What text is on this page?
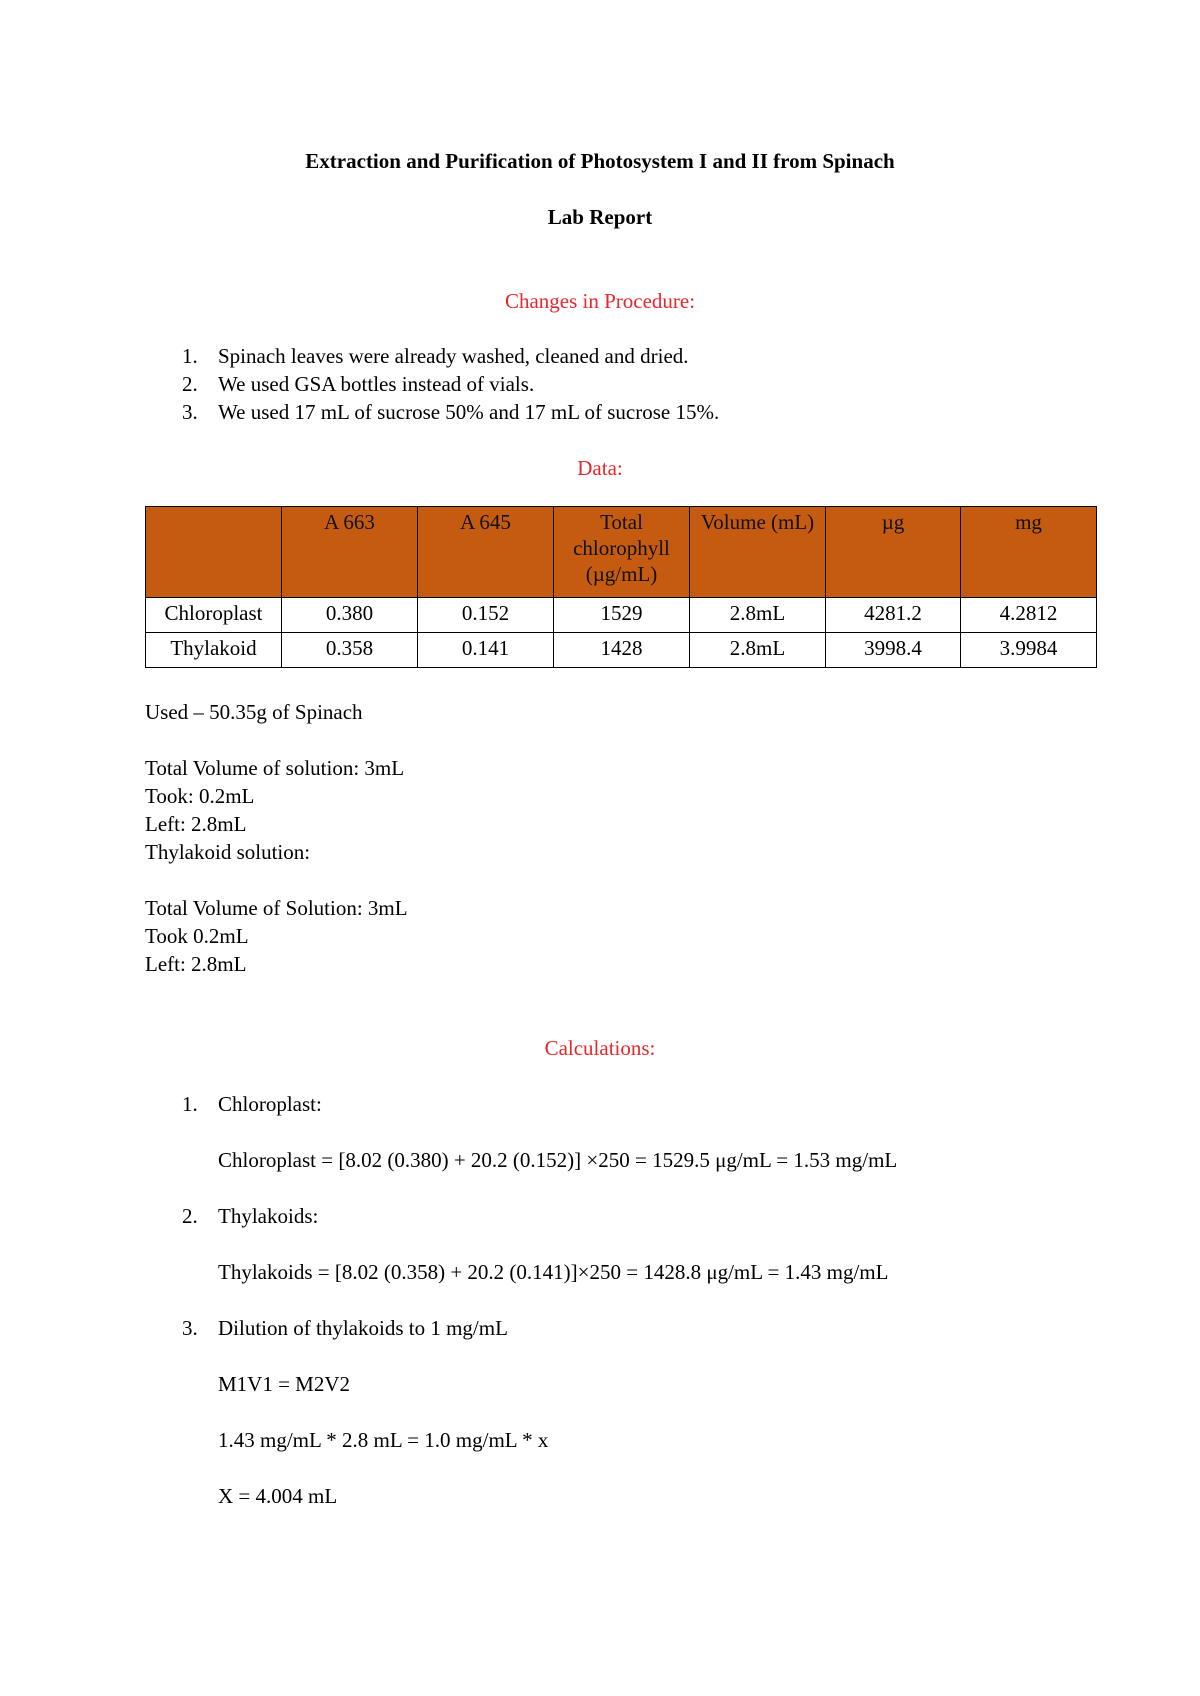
Extraction and Purification of Photosystem I and II from Spinach
Lab Report
Changes in Procedure:
1. Spinach leaves were already washed, cleaned and dried.
2. We used GSA bottles instead of vials.
3. We used 17 mL of sucrose 50% and 17 mL of sucrose 15%.
Data:
	A 663	A 645	Total chlorophyll (µg/mL)	Volume (mL)	µg	mg
Chloroplast	0.380	0.152	1529	2.8mL	4281.2	4.2812
Thylakoid	0.358	0.141	1428	2.8mL	3998.4	3.9984
Used – 50.35g of Spinach
Total Volume of solution: 3mL
Took: 0.2mL
Left: 2.8mL
Thylakoid solution:
Total Volume of Solution: 3mL
Took 0.2mL
Left: 2.8mL
Calculations:
1. Chloroplast:
Chloroplast = [8.02 (0.380) + 20.2 (0.152)] ×250 = 1529.5 μg/mL = 1.53 mg/mL
2. Thylakoids:
Thylakoids = [8.02 (0.358) + 20.2 (0.141)]×250 = 1428.8 μg/mL = 1.43 mg/mL
3. Dilution of thylakoids to 1 mg/mL
M1V1 = M2V2
1.43 mg/mL * 2.8 mL = 1.0 mg/mL * x
X = 4.004 mL
